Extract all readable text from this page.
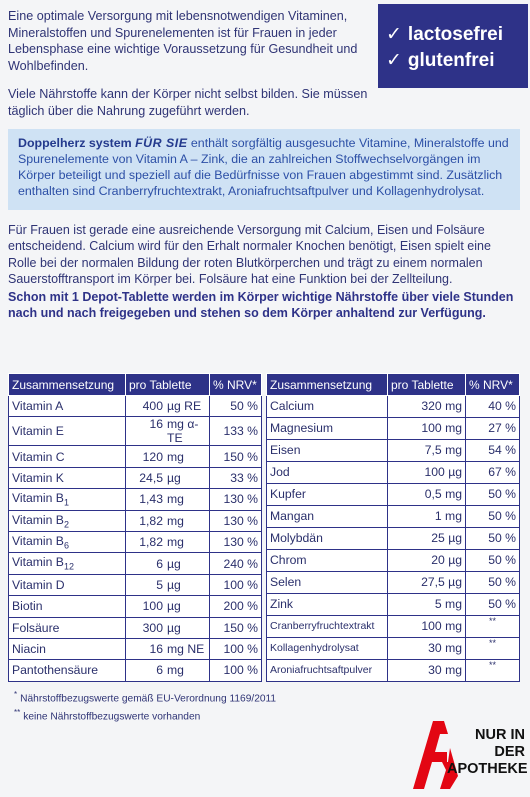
Eine optimale Versorgung mit lebensnotwendigen Vitaminen, Mineralstoffen und Spurenelementen ist für Frauen in jeder Lebensphase eine wichtige Voraussetzung für Gesundheit und Wohlbefinden.

Viele Nährstoffe kann der Körper nicht selbst bilden. Sie müssen täglich über die Nahrung zugeführt werden.

✓ lactosefrei
✓ glutenfrei
Doppelherz system FÜR SIE enthält sorgfältig ausgesuchte Vitamine, Mineralstoffe und Spurenelemente von Vitamin A – Zink, die an zahlreichen Stoffwechselvorgängen im Körper beteiligt und speziell auf die Bedürfnisse von Frauen abgestimmt sind. Zusätzlich enthalten sind Cranberryfruchtextrakt, Aroniafruchtsaftpulver und Kollagenhydrolysat.

Für Frauen ist gerade eine ausreichende Versorgung mit Calcium, Eisen und Folsäure entscheidend. Calcium wird für den Erhalt normaler Knochen benötigt, Eisen spielt eine Rolle bei der normalen Bildung der roten Blutkörperchen und trägt zu einem normalen Sauerstofftransport im Körper bei. Folsäure hat eine Funktion bei der Zellteilung.

Schon mit 1 Depot-Tablette werden im Körper wichtige Nährstoffe über viele Stunden nach und nach freigegeben und stehen so dem Körper anhaltend zur Verfügung.

Zusammensetzung	pro Tablette	% NRV*
Vitamin A	400 µg RE	50 %
Vitamin E	16 mg α-TE	133 %
Vitamin C	120 mg	150 %
Vitamin K	24,5 µg	33 %
Vitamin $B_1$	1,43 mg	130 %
Vitamin $B_2$	1,82 mg	130 %
Vitamin $B_6$	1,82 mg	130 %
Vitamin $B_{12}$	6 µg	240 %
Vitamin D	5 µg	100 %
Biotin	100 µg	200 %
Folsäure	300 µg	150 %
Niacin	16 mg NE	100 %
Pantothensäure	6 mg	100 %
Zusammensetzung	pro Tablette	% NRV*
Calcium	320 mg	40 %
Magnesium	100 mg	27 %
Eisen	7,5 mg	54 %
Jod	100 µg	67 %
Kupfer	0,5 mg	50 %
Mangan	1 mg	50 %
Molybdän	25 µg	50 %
Chrom	20 µg	50 %
Selen	27,5 µg	50 %
Zink	5 mg	50 %
Cranberryfruchtextrakt	100 mg	**
Kollagenhydrolysat	30 mg	**
Aroniafruchtsaftpulver	30 mg	**
* Nährstoffbezugswerte gemäß EU-Verordnung 1169/2011
** keine Nährstoffbezugswerte vorhanden
NUR IN DER
APOTHEKE
